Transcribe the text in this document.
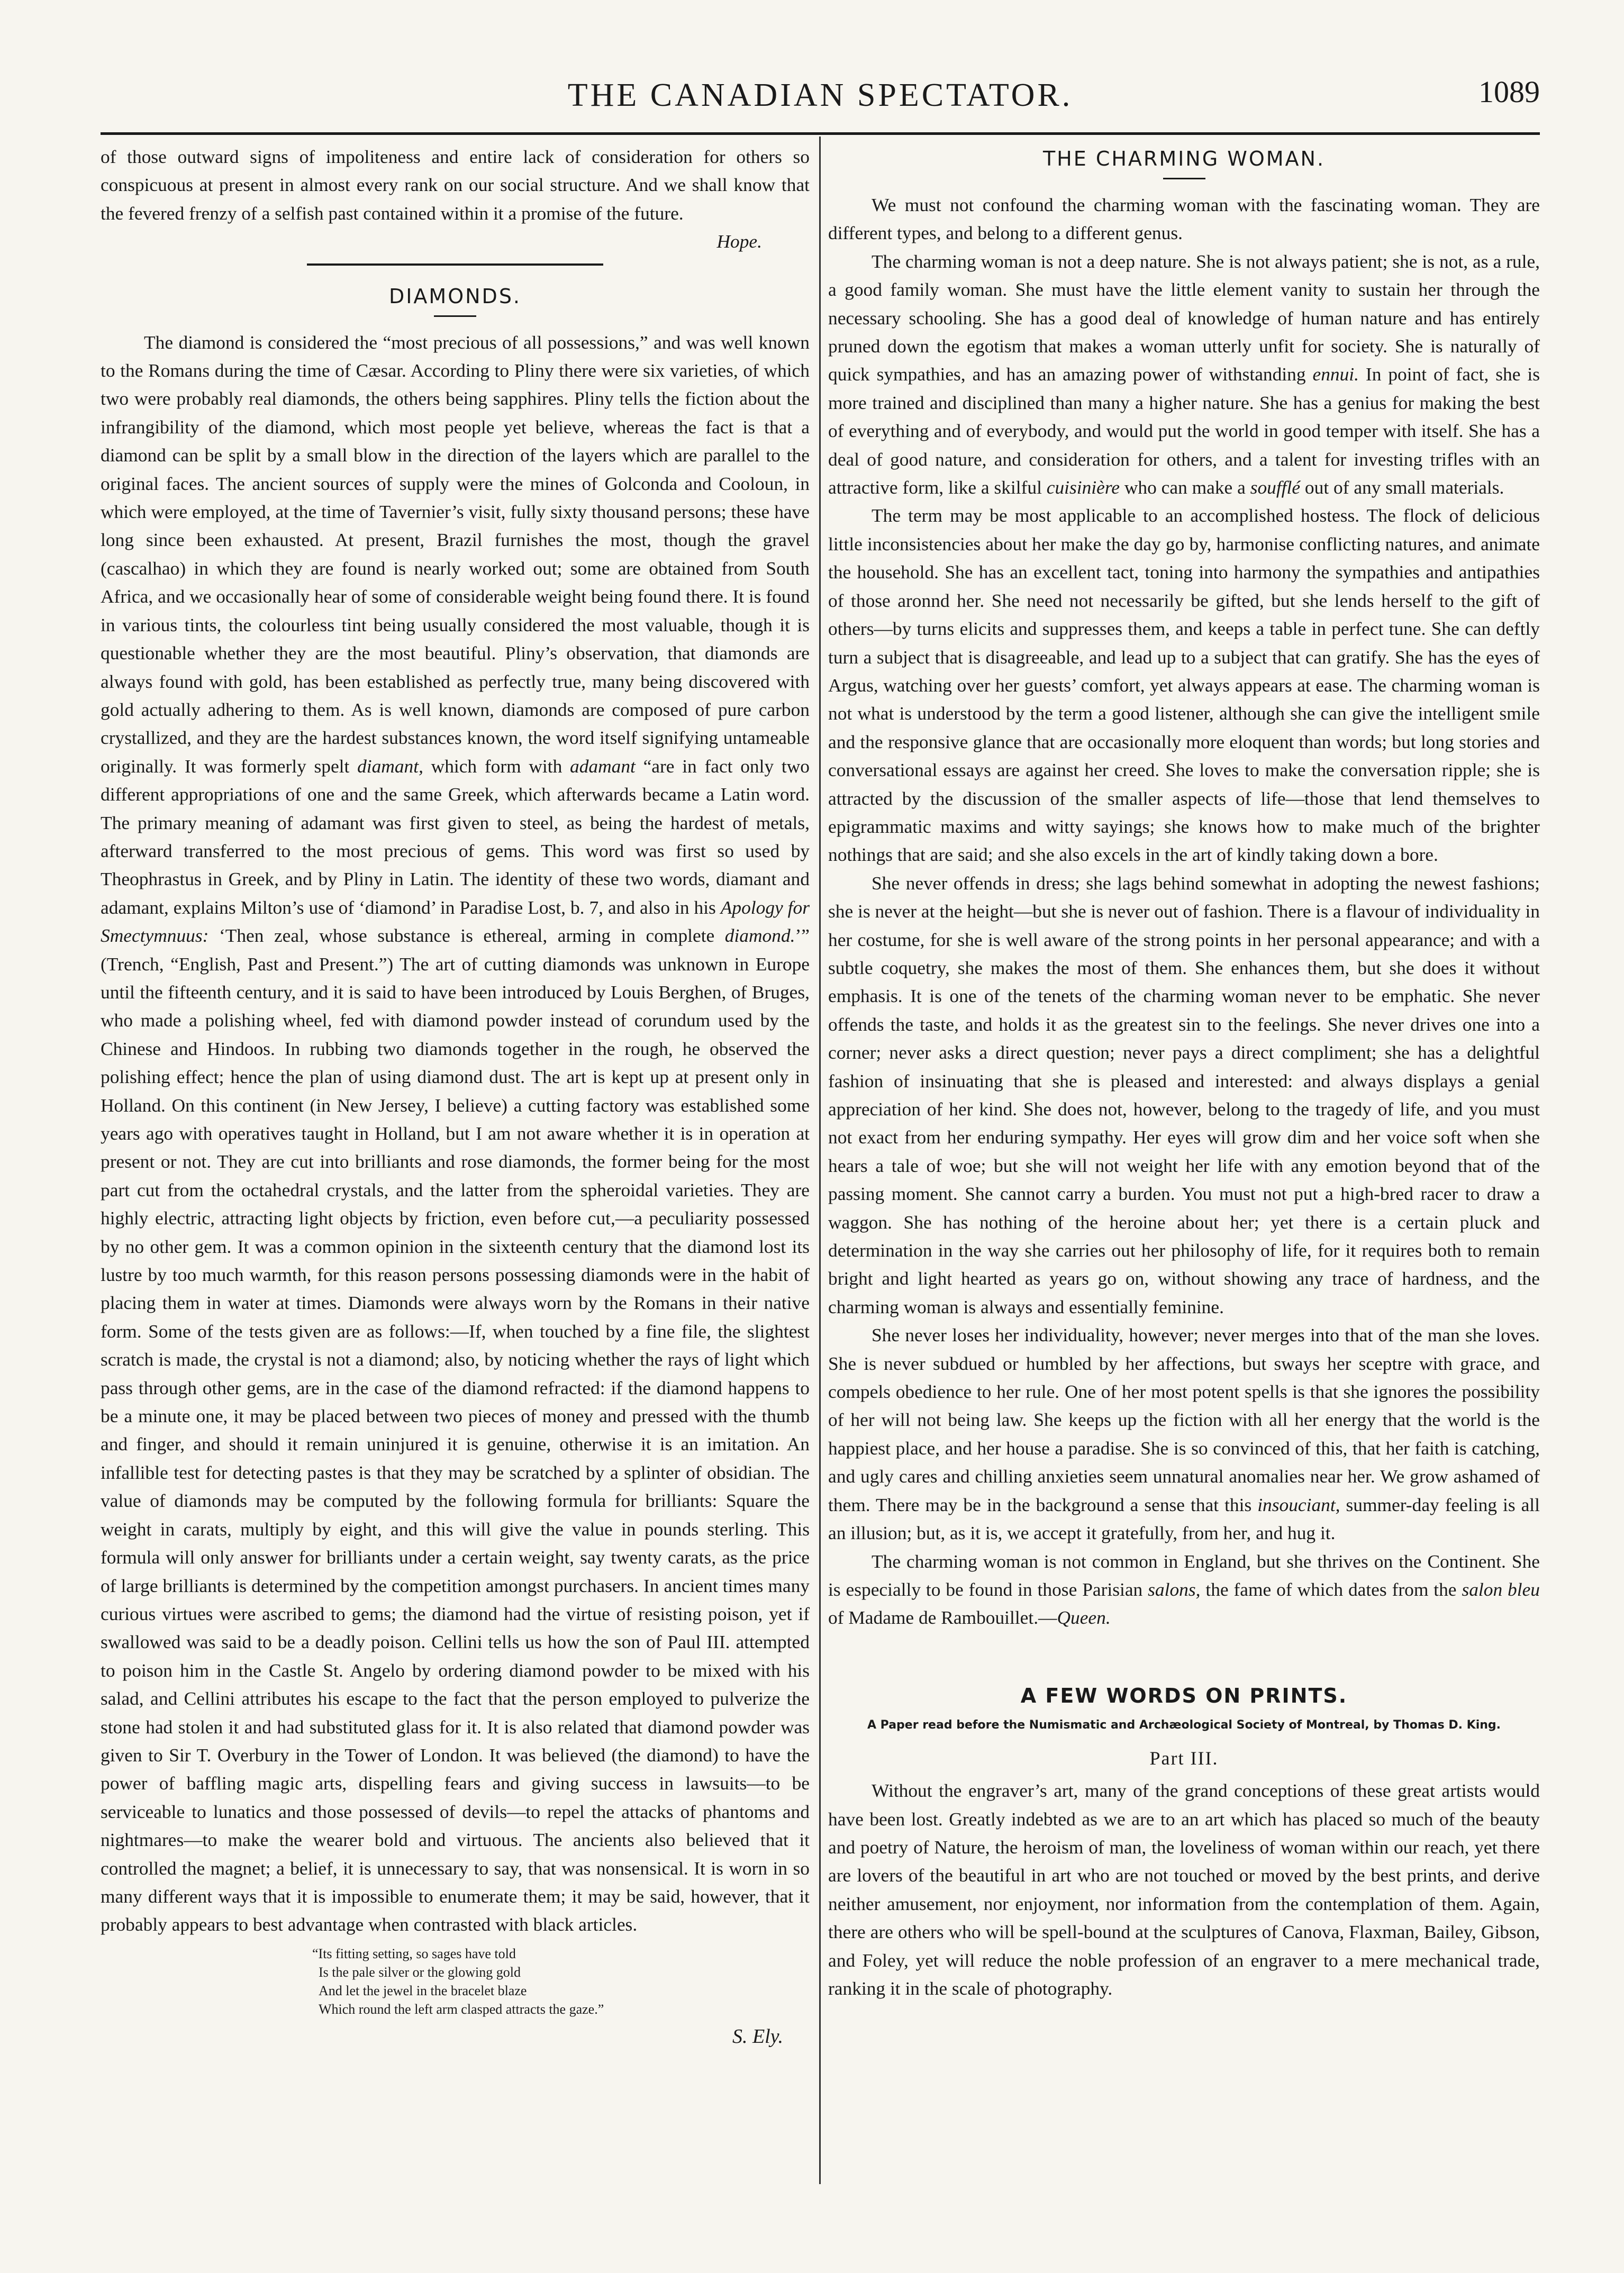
THE CANADIAN SPECTATOR.	1089

of those outward signs of impoliteness and entire lack of consideration for others so conspicuous at present in almost every rank on our social structure. And we shall know that the fevered frenzy of a selfish past contained within it a promise of the future.

Hope.
DIAMONDS.

The diamond is considered the “most precious of all possessions,” and was well known to the Romans during the time of Cæsar. According to Pliny there were six varieties, of which two were probably real diamonds, the others being sapphires. Pliny tells the fiction about the infrangibility of the diamond, which most people yet believe, whereas the fact is that a diamond can be split by a small blow in the direction of the layers which are parallel to the original faces. The ancient sources of supply were the mines of Golconda and Cooloun, in which were employed, at the time of Tavernier’s visit, fully sixty thousand persons; these have long since been exhausted. At present, Brazil furnishes the most, though the gravel (cascalhao) in which they are found is nearly worked out; some are obtained from South Africa, and we occasionally hear of some of considerable weight being found there. It is found in various tints, the colourless tint being usually considered the most valuable, though it is questionable whether they are the most beautiful. Pliny’s observation, that diamonds are always found with gold, has been established as perfectly true, many being discovered with gold actually adhering to them. As is well known, diamonds are composed of pure carbon crystallized, and they are the hardest substances known, the word itself signifying untameable originally. It was formerly spelt diamant, which form with adamant “are in fact only two different appropriations of one and the same Greek, which afterwards became a Latin word. The primary meaning of adamant was first given to steel, as being the hardest of metals, afterward transferred to the most precious of gems. This word was first so used by Theophrastus in Greek, and by Pliny in Latin. The identity of these two words, diamant and adamant, explains Milton’s use of ‘diamond’ in Paradise Lost, b. 7, and also in his Apology for Smectymnuus: ‘Then zeal, whose substance is ethereal, arming in complete diamond.’” (Trench, “English, Past and Present.”) The art of cutting diamonds was unknown in Europe until the fifteenth century, and it is said to have been introduced by Louis Berghen, of Bruges, who made a polishing wheel, fed with diamond powder instead of corundum used by the Chinese and Hindoos. In rubbing two diamonds together in the rough, he observed the polishing effect; hence the plan of using diamond dust. The art is kept up at present only in Holland. On this continent (in New Jersey, I believe) a cutting factory was established some years ago with operatives taught in Holland, but I am not aware whether it is in operation at present or not. They are cut into brilliants and rose diamonds, the former being for the most part cut from the octahedral crystals, and the latter from the spheroidal varieties. They are highly electric, attracting light objects by friction, even before cut,—a peculiarity possessed by no other gem. It was a common opinion in the sixteenth century that the diamond lost its lustre by too much warmth, for this reason persons possessing diamonds were in the habit of placing them in water at times. Diamonds were always worn by the Romans in their native form. Some of the tests given are as follows:—If, when touched by a fine file, the slightest scratch is made, the crystal is not a diamond; also, by noticing whether the rays of light which pass through other gems, are in the case of the diamond refracted: if the diamond happens to be a minute one, it may be placed between two pieces of money and pressed with the thumb and finger, and should it remain uninjured it is genuine, otherwise it is an imitation. An infallible test for detecting pastes is that they may be scratched by a splinter of obsidian. The value of diamonds may be computed by the following formula for brilliants: Square the weight in carats, multiply by eight, and this will give the value in pounds sterling. This formula will only answer for brilliants under a certain weight, say twenty carats, as the price of large brilliants is determined by the competition amongst purchasers. In ancient times many curious virtues were ascribed to gems; the diamond had the virtue of resisting poison, yet if swallowed was said to be a deadly poison. Cellini tells us how the son of Paul III. attempted to poison him in the Castle St. Angelo by ordering diamond powder to be mixed with his salad, and Cellini attributes his escape to the fact that the person employed to pulverize the stone had stolen it and had substituted glass for it. It is also related that diamond powder was given to Sir T. Overbury in the Tower of London. It was believed (the diamond) to have the power of baffling magic arts, dispelling fears and giving success in lawsuits—to be serviceable to lunatics and those possessed of devils—to repel the attacks of phantoms and nightmares—to make the wearer bold and virtuous. The ancients also believed that it controlled the magnet; a belief, it is unnecessary to say, that was nonsensical. It is worn in so many different ways that it is impossible to enumerate them; it may be said, however, that it probably appears to best advantage when contrasted with black articles.

“Its fitting setting, so sages have told
Is the pale silver or the glowing gold
And let the jewel in the bracelet blaze
Which round the left arm clasped attracts the gaze.”
S. Ely.
THE CHARMING WOMAN.

We must not confound the charming woman with the fascinating woman. They are different types, and belong to a different genus.

The charming woman is not a deep nature. She is not always patient; she is not, as a rule, a good family woman. She must have the little element vanity to sustain her through the necessary schooling. She has a good deal of knowledge of human nature and has entirely pruned down the egotism that makes a woman utterly unfit for society. She is naturally of quick sympathies, and has an amazing power of withstanding ennui. In point of fact, she is more trained and disciplined than many a higher nature. She has a genius for making the best of everything and of everybody, and would put the world in good temper with itself. She has a deal of good nature, and consideration for others, and a talent for investing trifles with an attractive form, like a skilful cuisinière who can make a soufflé out of any small materials.

The term may be most applicable to an accomplished hostess. The flock of delicious little inconsistencies about her make the day go by, harmonise conflicting natures, and animate the household. She has an excellent tact, toning into harmony the sympathies and antipathies of those aronnd her. She need not necessarily be gifted, but she lends herself to the gift of others—by turns elicits and suppresses them, and keeps a table in perfect tune. She can deftly turn a subject that is disagreeable, and lead up to a subject that can gratify. She has the eyes of Argus, watching over her guests’ comfort, yet always appears at ease. The charming woman is not what is understood by the term a good listener, although she can give the intelligent smile and the responsive glance that are occasionally more eloquent than words; but long stories and conversational essays are against her creed. She loves to make the conversation ripple; she is attracted by the discussion of the smaller aspects of life—those that lend themselves to epigrammatic maxims and witty sayings; she knows how to make much of the brighter nothings that are said; and she also excels in the art of kindly taking down a bore.

She never offends in dress; she lags behind somewhat in adopting the newest fashions; she is never at the height—but she is never out of fashion. There is a flavour of individuality in her costume, for she is well aware of the strong points in her personal appearance; and with a subtle coquetry, she makes the most of them. She enhances them, but she does it without emphasis. It is one of the tenets of the charming woman never to be emphatic. She never offends the taste, and holds it as the greatest sin to the feelings. She never drives one into a corner; never asks a direct question; never pays a direct compliment; she has a delightful fashion of insinuating that she is pleased and interested: and always displays a genial appreciation of her kind. She does not, however, belong to the tragedy of life, and you must not exact from her enduring sympathy. Her eyes will grow dim and her voice soft when she hears a tale of woe; but she will not weight her life with any emotion beyond that of the passing moment. She cannot carry a burden. You must not put a high-bred racer to draw a waggon. She has nothing of the heroine about her; yet there is a certain pluck and determination in the way she carries out her philosophy of life, for it requires both to remain bright and light hearted as years go on, without showing any trace of hardness, and the charming woman is always and essentially feminine.

She never loses her individuality, however; never merges into that of the man she loves. She is never subdued or humbled by her affections, but sways her sceptre with grace, and compels obedience to her rule. One of her most potent spells is that she ignores the possibility of her will not being law. She keeps up the fiction with all her energy that the world is the happiest place, and her house a paradise. She is so convinced of this, that her faith is catching, and ugly cares and chilling anxieties seem unnatural anomalies near her. We grow ashamed of them. There may be in the background a sense that this insouciant, summer-day feeling is all an illusion; but, as it is, we accept it gratefully, from her, and hug it.

The charming woman is not common in England, but she thrives on the Continent. She is especially to be found in those Parisian salons, the fame of which dates from the salon bleu of Madame de Rambouillet.—Queen.

A FEW WORDS ON PRINTS.
A Paper read before the Numismatic and Archæological Society of Montreal, by Thomas D. King.
Part III.

Without the engraver’s art, many of the grand conceptions of these great artists would have been lost. Greatly indebted as we are to an art which has placed so much of the beauty and poetry of Nature, the heroism of man, the loveliness of woman within our reach, yet there are lovers of the beautiful in art who are not touched or moved by the best prints, and derive neither amusement, nor enjoyment, nor information from the contemplation of them. Again, there are others who will be spell-bound at the sculptures of Canova, Flaxman, Bailey, Gibson, and Foley, yet will reduce the noble profession of an engraver to a mere mechanical trade, ranking it in the scale of photography.
